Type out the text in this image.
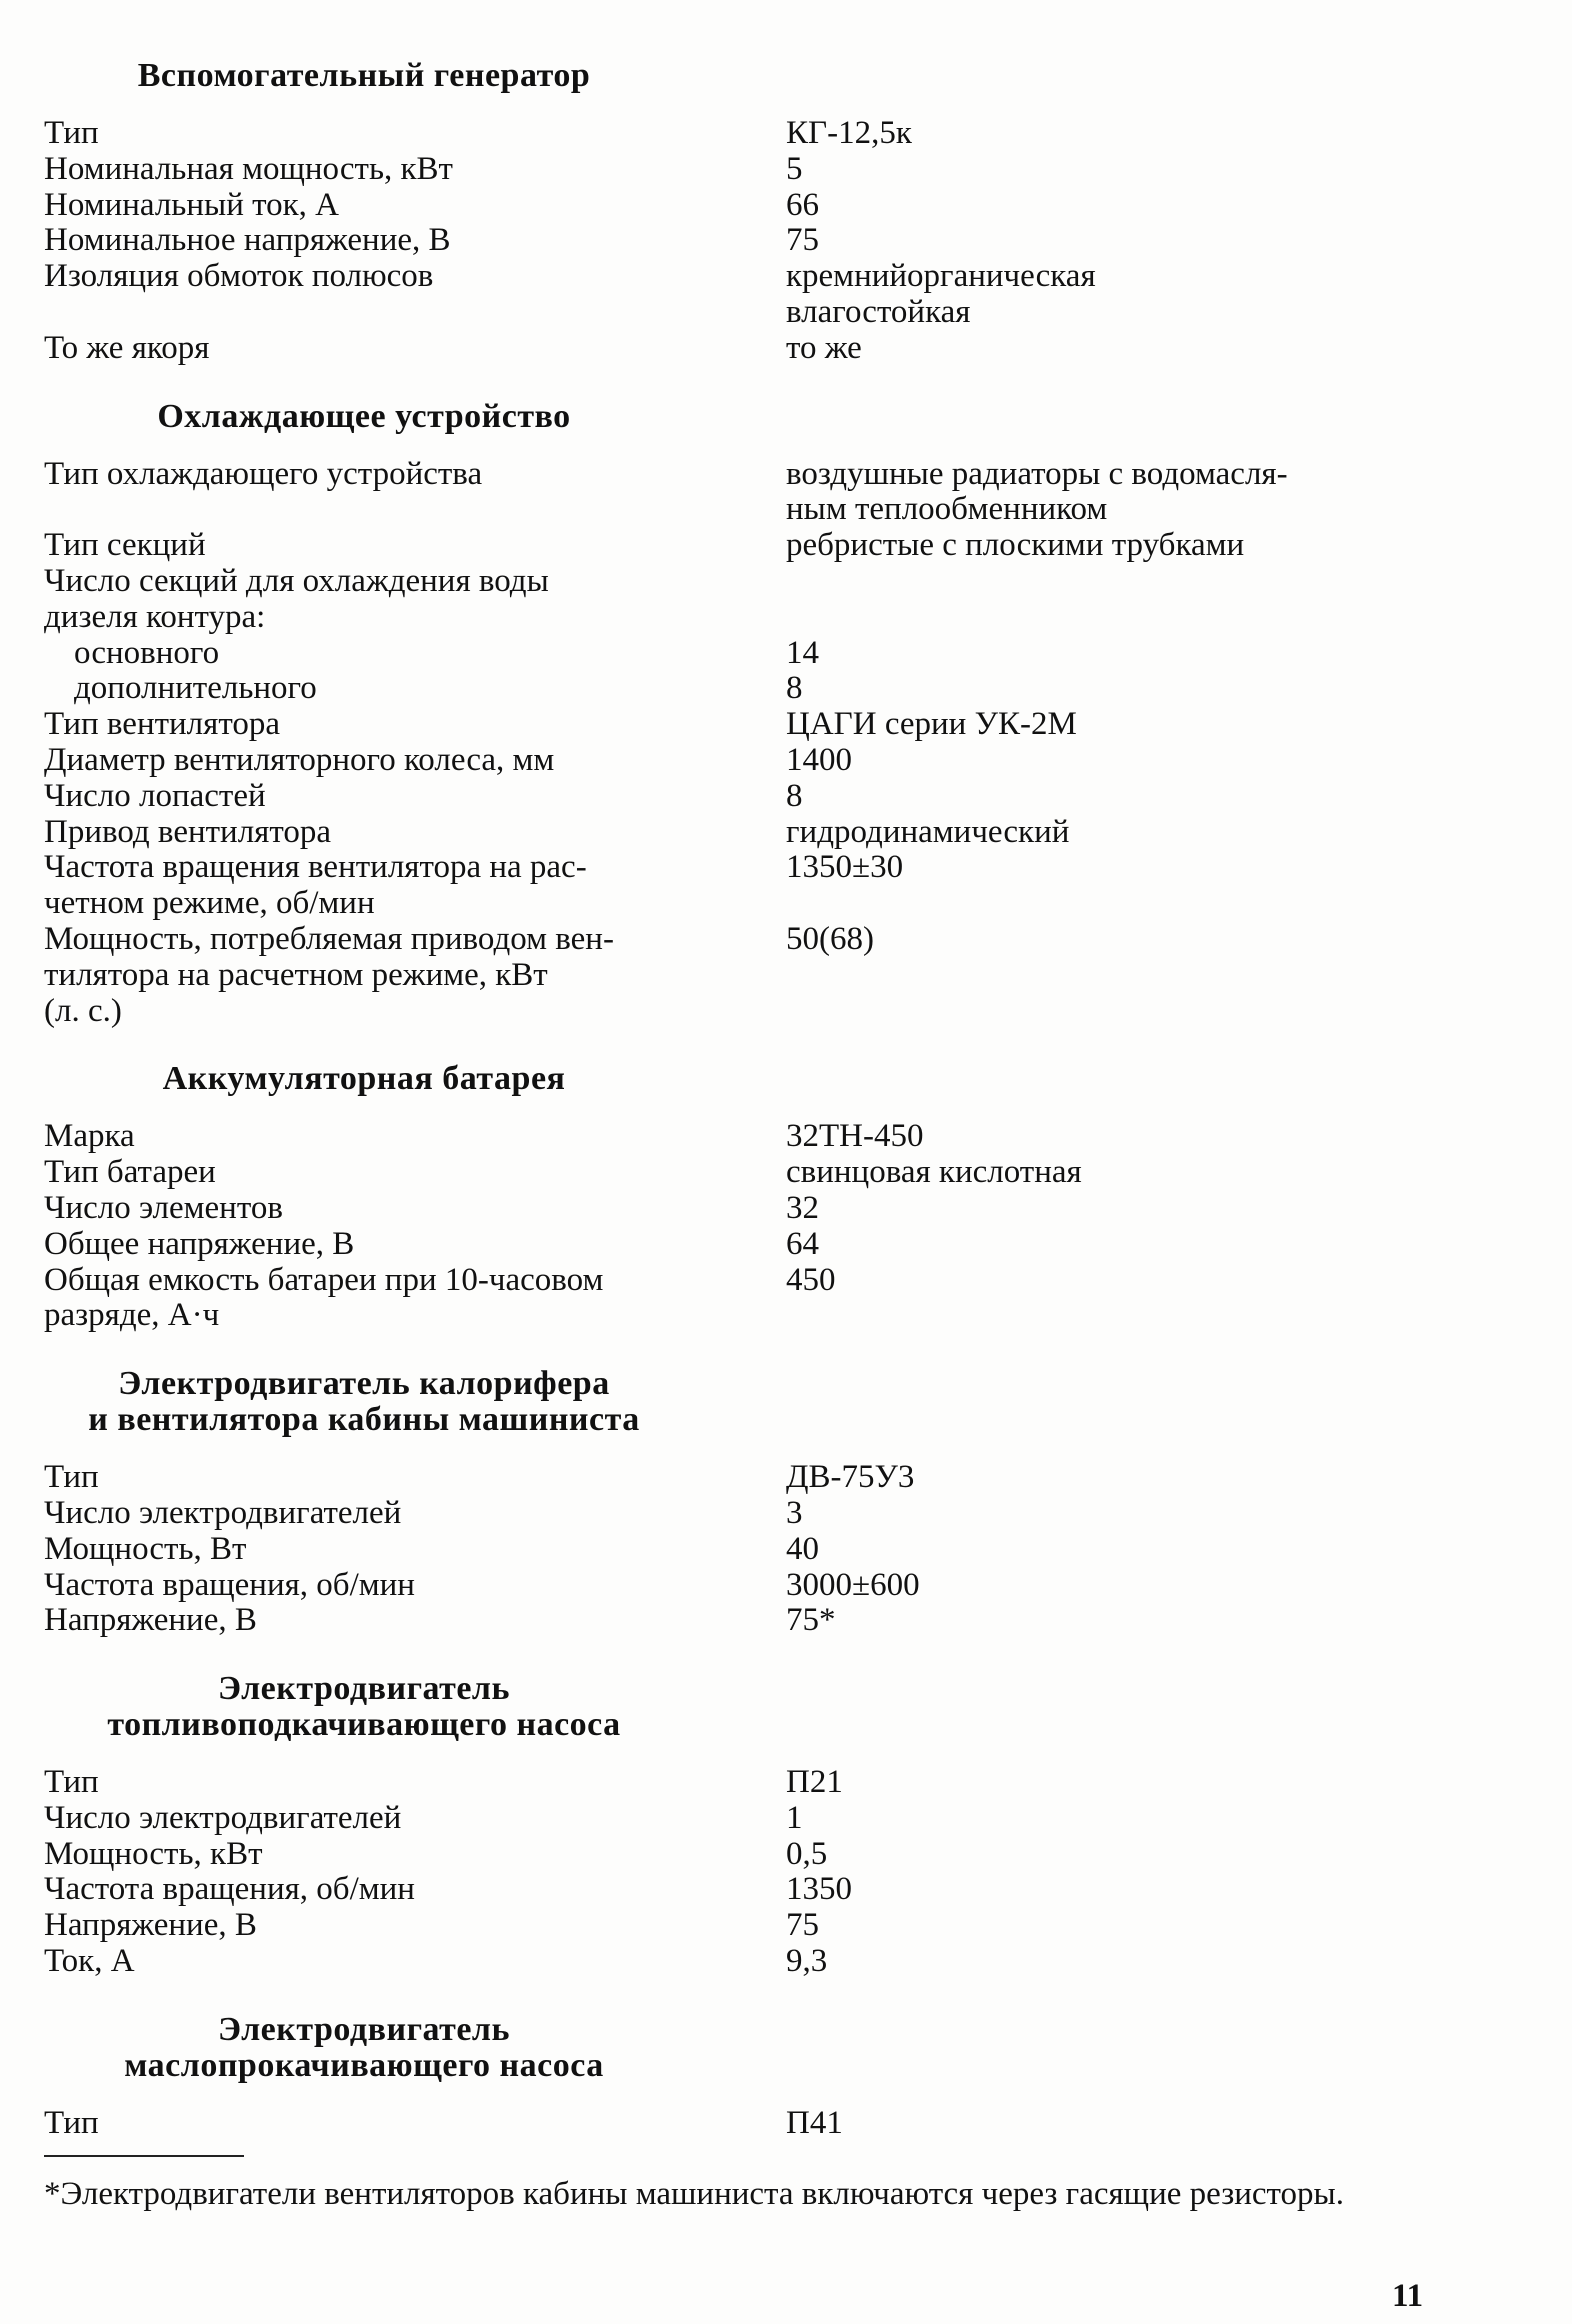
Вспомогательный генератор
Тип	КГ-12,5к
Номинальная мощность, кВт	5
Номинальный ток, А	66
Номинальное напряжение, В	75
Изоляция обмоток полюсов	кремнийорганическая

влагостойкая
То же якоря	то же
Охлаждающее устройство
Тип охлаждающего устройства	воздушные радиаторы с водомасля-

ным теплообменником
Тип секций	ребристые с плоскими трубками
Число секций для охлаждения воды

дизеля контура:

основного	14
дополнительного	8
Тип вентилятора	ЦАГИ серии УК-2М
Диаметр вентиляторного колеса, мм	1400
Число лопастей	8
Привод вентилятора	гидродинамический
Частота вращения вентилятора на рас-	1350±30
четном режиме, об/мин

Мощность, потребляемая приводом вен-	50(68)
тилятора на расчетном режиме, кВт

(л. с.)

Аккумуляторная батарея
Марка	32ТН-450
Тип батареи	свинцовая кислотная
Число элементов	32
Общее напряжение, В	64
Общая емкость батареи при 10-часовом	450
разряде, А·ч

Электродвигатель калорифера
и вентилятора кабины машиниста
Тип	ДВ-75У3
Число электродвигателей	3
Мощность, Вт	40
Частота вращения, об/мин	3000±600
Напряжение, В	75*
Электродвигатель
топливоподкачивающего насоса
Тип	П21
Число электродвигателей	1
Мощность, кВт	0,5
Частота вращения, об/мин	1350
Напряжение, В	75
Ток, А	9,3
Электродвигатель
маслопрокачивающего насоса
Тип	П41
*Электродвигатели вентиляторов кабины машиниста включаются через гасящие резисторы.
11
